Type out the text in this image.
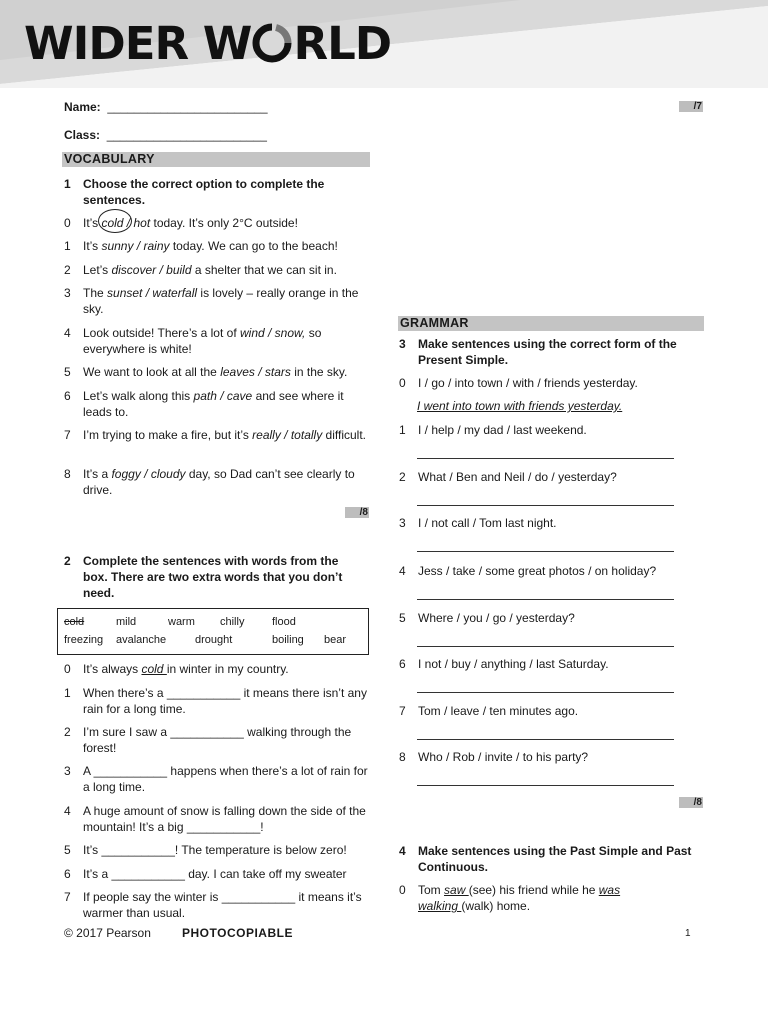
WIDER W RLD
Name: ________________________
Class: ________________________
/7
VOCABULARY
1	Choose the correct option to complete the sentences.
0	It’s cold / hot today. It’s only 2°C outside!
1	It’s sunny / rainy today. We can go to the beach!
2	Let’s discover / build a shelter that we can sit in.
3	The sunset / waterfall is lovely – really orange in the sky.
4	Look outside! There’s a lot of wind / snow, so everywhere is white!
5	We want to look at all the leaves / stars in the sky.
6	Let’s walk along this path / cave and see where it leads to.
7	I’m trying to make a fire, but it’s really / totally difficult.
8	It’s a foggy / cloudy day, so Dad can’t see clearly to drive.
/8
2	Complete the sentences with words from the box. There are two extra words that you don’t need.
cold	mild	warm chilly	flood
freezing avalanche	drought	boiling bear
0	It’s always cold in winter in my country.
1	When there’s a ___________ it means there isn’t any rain for a long time.
2	I’m sure I saw a ___________ walking through the forest!
3	A ___________ happens when there’s a lot of rain for a long time.
4	A huge amount of snow is falling down the side of the mountain! It’s a big ___________!
5	It’s ___________! The temperature is below zero!
6	It’s a ___________ day. I can take off my sweater
7	If people say the winter is ___________ it means it’s warmer than usual.
GRAMMAR
3	Make sentences using the correct form of the Present Simple.
0	I / go / into town / with / friends yesterday.
I went into town with friends yesterday.
1	I / help / my dad / last weekend.
2	What / Ben and Neil / do / yesterday?
3	I / not call / Tom last night.
4	Jess / take / some great photos / on holiday?
5	Where / you / go / yesterday?
6	I not / buy / anything / last Saturday.
7	Tom / leave / ten minutes ago.
8	Who / Rob / invite / to his party?
/8
4	Make sentences using the Past Simple and Past Continuous.
0	Tom saw (see) his friend while he was
walking (walk) home.
© 2017 Pearson	PHOTOCOPIABLE	1
